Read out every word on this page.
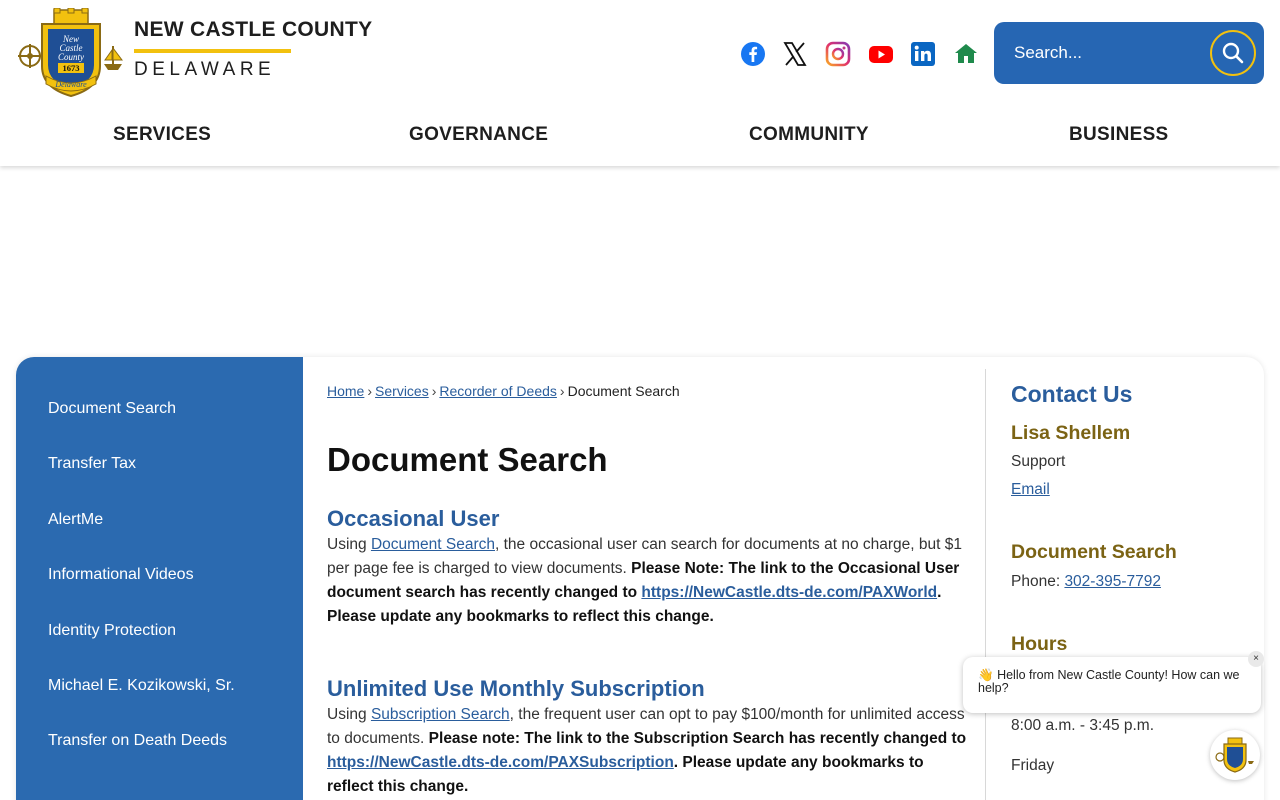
New
Castle
County
1673
Delaware
NEW CASTLE COUNTY
DELAWARE
Search...
SERVICES	GOVERNANCE	COMMUNITY	BUSINESS
Document Search
Transfer Tax
AlertMe
Informational Videos
Identity Protection
Michael E. Kozikowski, Sr.
Transfer on Death Deeds
Home › Services › Recorder of Deeds › Document Search
Document Search
Occasional User
Using Document Search, the occasional user can search for documents at no charge, but $1 per page fee is charged to view documents. Please Note: The link to the Occasional User document search has recently changed to https://NewCastle.dts-de.com/PAXWorld. Please update any bookmarks to reflect this change.
Unlimited Use Monthly Subscription
Using Subscription Search, the frequent user can opt to pay $100/month for unlimited access to documents. Please note: The link to the Subscription Search has recently changed to https://NewCastle.dts-de.com/PAXSubscription. Please update any bookmarks to reflect this change.
Contact Us
Lisa Shellem
Support
Email
Document Search
Phone: 302-395-7792
Hours
8:00 a.m. - 3:45 p.m.
Friday
👋 Hello from New Castle County! How can we help?
×
